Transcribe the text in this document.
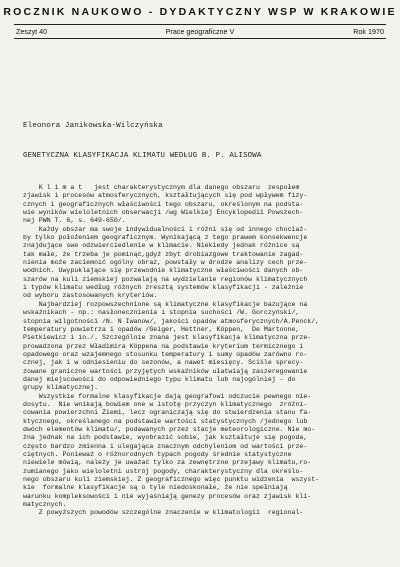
ROCZNIK NAUKOWO - DYDAKTYCZNY WSP W KRAKOWIE
Zeszyt 40	Prace geograficzne V	Rok 1970
Eleonora Janikowska-Wilczyńska
GENETYCZNA KLASYFIKACJA KLIMATU WEDŁUG B. P. ALISOWA
K l i m a t   jest charakterystycznym dla danego obszaru  zespołem
zjawisk i procesów atmosferycznych, kształtujących się pod wpływem fizy-
cznych i geograficznych właściwości tego obszaru, określonym na podsta-
wie wyników wieloletnich obserwacji /wg Wielkiej Encyklopedii Powszech-
nej PWN T. 6, s. 649-650/.
Każdy obszar ma swoje indywidualności i różni się od innego chociaż-
by tylko położeniem geograficznym. Wynikającą z tego prawem konsekwencje
znajdujące swe odzwierciedlenie w klimacie. Niekiedy jednak różnice są
tak małe, że trzeba je pominąć,gdyż zbyt drobiazgowe traktowanie zagad-
nienia może zaciemnić ogólny obraz, powstały w drodze analizy cech prze-
wodnich. Uwypuklające się przewodnie klimatyczne właściwości danych ob-
szarów na kuli ziemskiej pozwalają na wydzielanie regionów klimatycznych
i typów klimatu według różnych zresztą systemów klasyfikacji - zależnie
od wyboru zastosowanych kryteriów.
Najbardziej rozpowszechnione są klimatyczne klasyfikacje bazujące na
wskaźnikach - np.: nasłonecznienia i stopnia suchości /W. Gorczyński/,
stopnia wilgotności /N. N Iwanow/, jakości opadów atmosferycznych/A.Penck/,
temperatury powietrza i opadów /Geiger, Hettner, Köppen,  De Martonne,
Pietkiewicz i in./. Szczególnie znana jest klasyfikacja klimatyczna prze-
prowadzona przez Władimira Köppena na podstawie kryterium termicznego i
opadowego oraz wzajemnego stosunku temperatury i sumy opadów zarówno ro-
cznej, jak i w odniesieniu do sezonów, a nawet miesięcy. Ściśle sprecy-
zowane graniczne wartości przyjętych wskaźników ułatwiają zaszeregowanie
danej miejscowości do odpowiedniego typu klimatu lub najogólniej - do
grupy klimatycznej.
Wszystkie formalne klasyfikacje dają geografowi odczucie pewnego nie-
dosytu.  Nie wnikają bowiem one w istotę przyczyn klimatycznego  zróżni-
cowania powierzchni Ziemi, lecz ograniczają się do stwierdzenia stanu fa-
ktycznego, określanego na podstawie wartości statystycznych /jednego lub
dwóch elementów klimatu/, podawanych przez stacje meteorologiczne. Nie mo-
żna jednak na ich podstawie, wyobrazić sobie, jak kształtuje się pogoda,
często bardzo zmienna i ulegająca znacznym odchyleniom od wartości prze-
ciętnych. Ponieważ o różnorodnych typach pogody średnie statystyczne
niewiele mówią, należy je uważać tylko za zewnętrzne przejawy klimatu,ro-
zumianego jako wieloletni ustrój pogody, charakterystyczny dla określo-
nego obszaru kuli ziemskiej. Z geograficznego więc punktu widzenia  wszyst-
kie  formalne klasyfikacje są o tyle niedoskonałe, że nie spełniają
warunku kompleksowości i nie wyjaśniają genezy procesów oraz zjawisk kli-
matycznych.
Z powyższych powodów szczególne znaczenie w klimatologii  regional-
